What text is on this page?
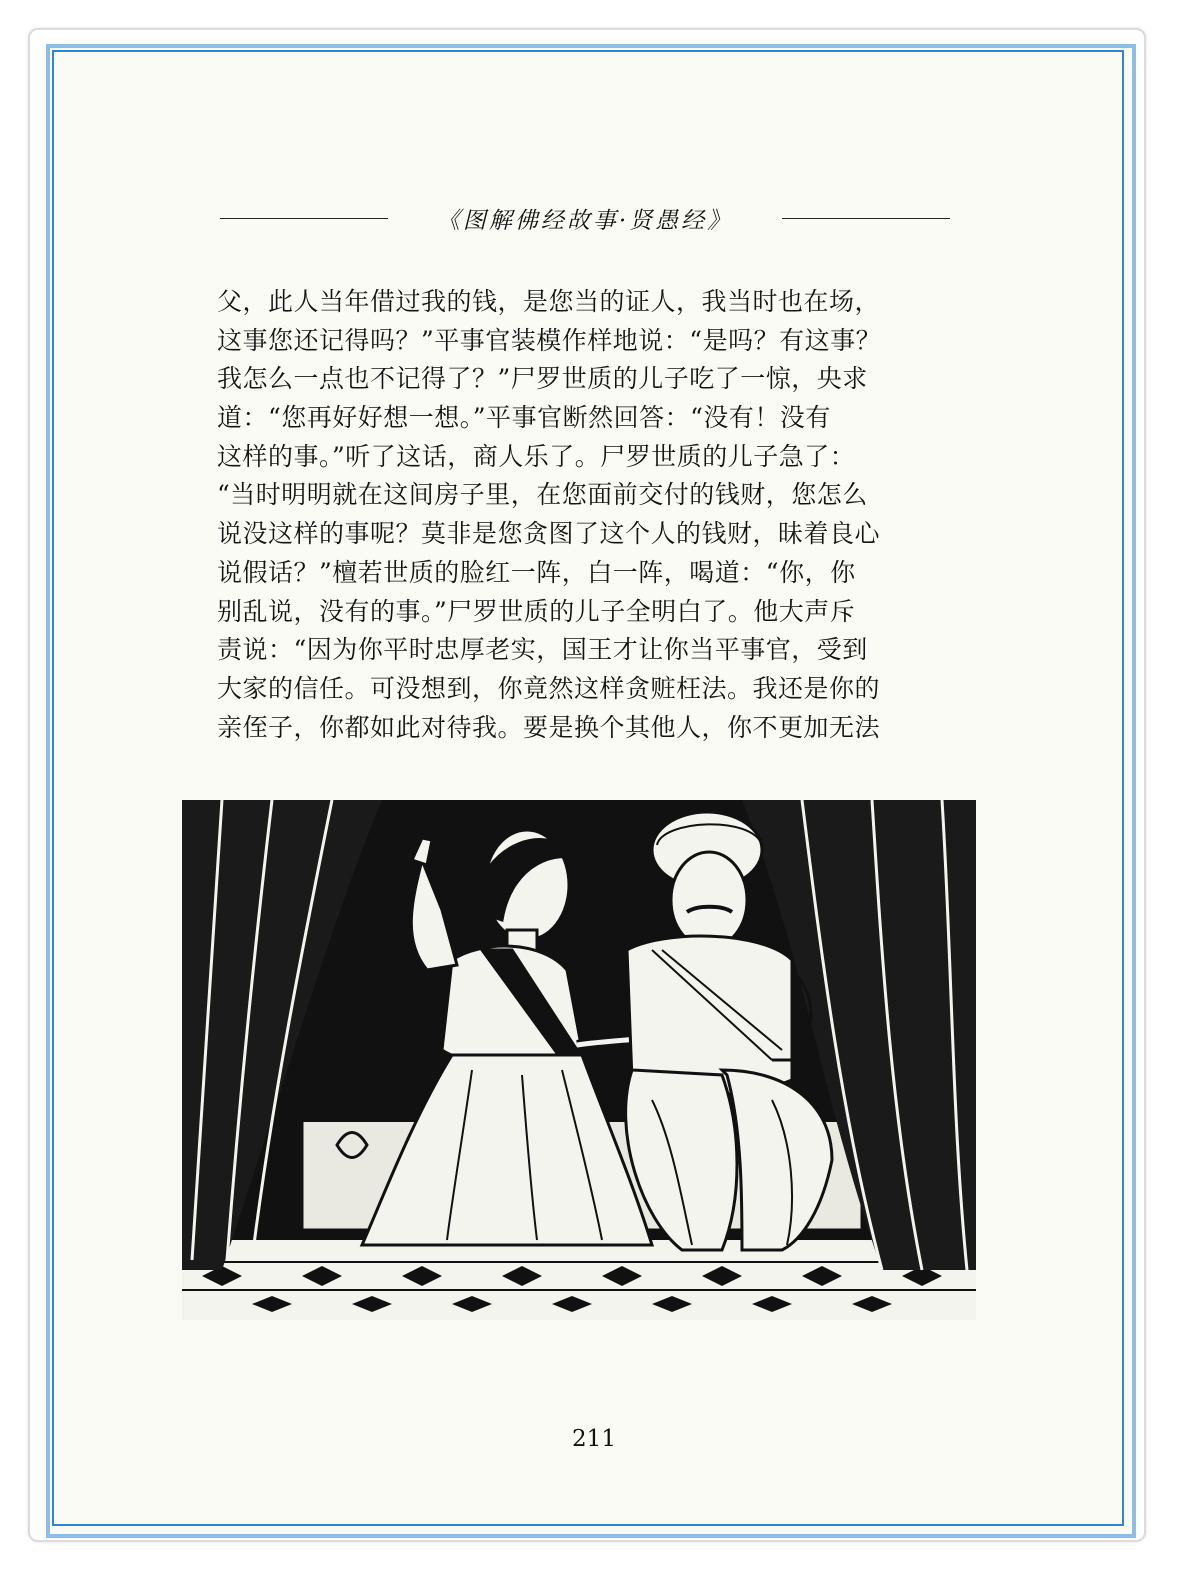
《图解佛经故事·贤愚经》
父，此人当年借过我的钱，是您当的证人，我当时也在场，
这事您还记得吗？”平事官装模作样地说：“是吗？有这事？
我怎么一点也不记得了？”尸罗世质的儿子吃了一惊，央求
道：“您再好好想一想。”平事官断然回答：“没有！没有
这样的事。”听了这话，商人乐了。尸罗世质的儿子急了：
“当时明明就在这间房子里，在您面前交付的钱财，您怎么
说没这样的事呢？莫非是您贪图了这个人的钱财，昧着良心
说假话？”檀若世质的脸红一阵，白一阵，喝道：“你，你
别乱说，没有的事。”尸罗世质的儿子全明白了。他大声斥
责说：“因为你平时忠厚老实，国王才让你当平事官，受到
大家的信任。可没想到，你竟然这样贪赃枉法。我还是你的
亲侄子，你都如此对待我。要是换个其他人，你不更加无法
211
